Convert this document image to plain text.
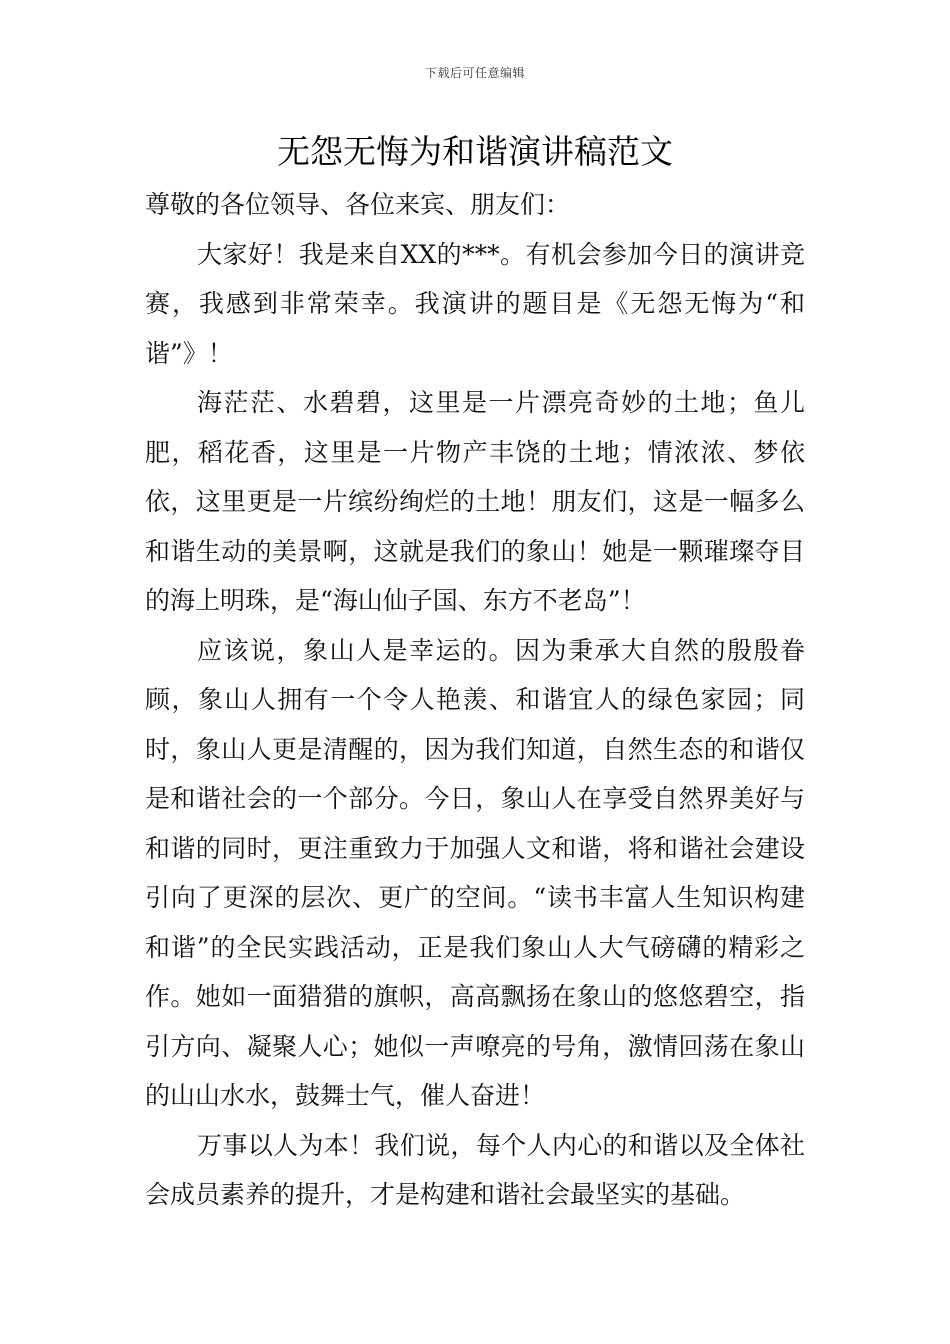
下载后可任意编辑
无怨无悔为和谐演讲稿范文

尊敬的各位领导、各位来宾、朋友们：

大家好！我是来自XX的***。有机会参加今日的演讲竞赛，我感到非常荣幸。我演讲的题目是《无怨无悔为“和谐”》！

海茫茫、水碧碧，这里是一片漂亮奇妙的土地；鱼儿肥，稻花香，这里是一片物产丰饶的土地；情浓浓、梦依依，这里更是一片缤纷绚烂的土地！朋友们，这是一幅多么和谐生动的美景啊，这就是我们的象山！她是一颗璀璨夺目的海上明珠，是“海山仙子国、东方不老岛”！

应该说，象山人是幸运的。因为秉承大自然的殷殷眷顾，象山人拥有一个令人艳羡、和谐宜人的绿色家园；同时，象山人更是清醒的，因为我们知道，自然生态的和谐仅是和谐社会的一个部分。今日，象山人在享受自然界美好与和谐的同时，更注重致力于加强人文和谐，将和谐社会建设引向了更深的层次、更广的空间。“读书丰富人生知识构建和谐”的全民实践活动，正是我们象山人大气磅礴的精彩之作。她如一面猎猎的旗帜，高高飘扬在象山的悠悠碧空，指引方向、凝聚人心；她似一声嘹亮的号角，激情回荡在象山的山山水水，鼓舞士气，催人奋进！

万事以人为本！我们说，每个人内心的和谐以及全体社会成员素养的提升，才是构建和谐社会最坚实的基础。
